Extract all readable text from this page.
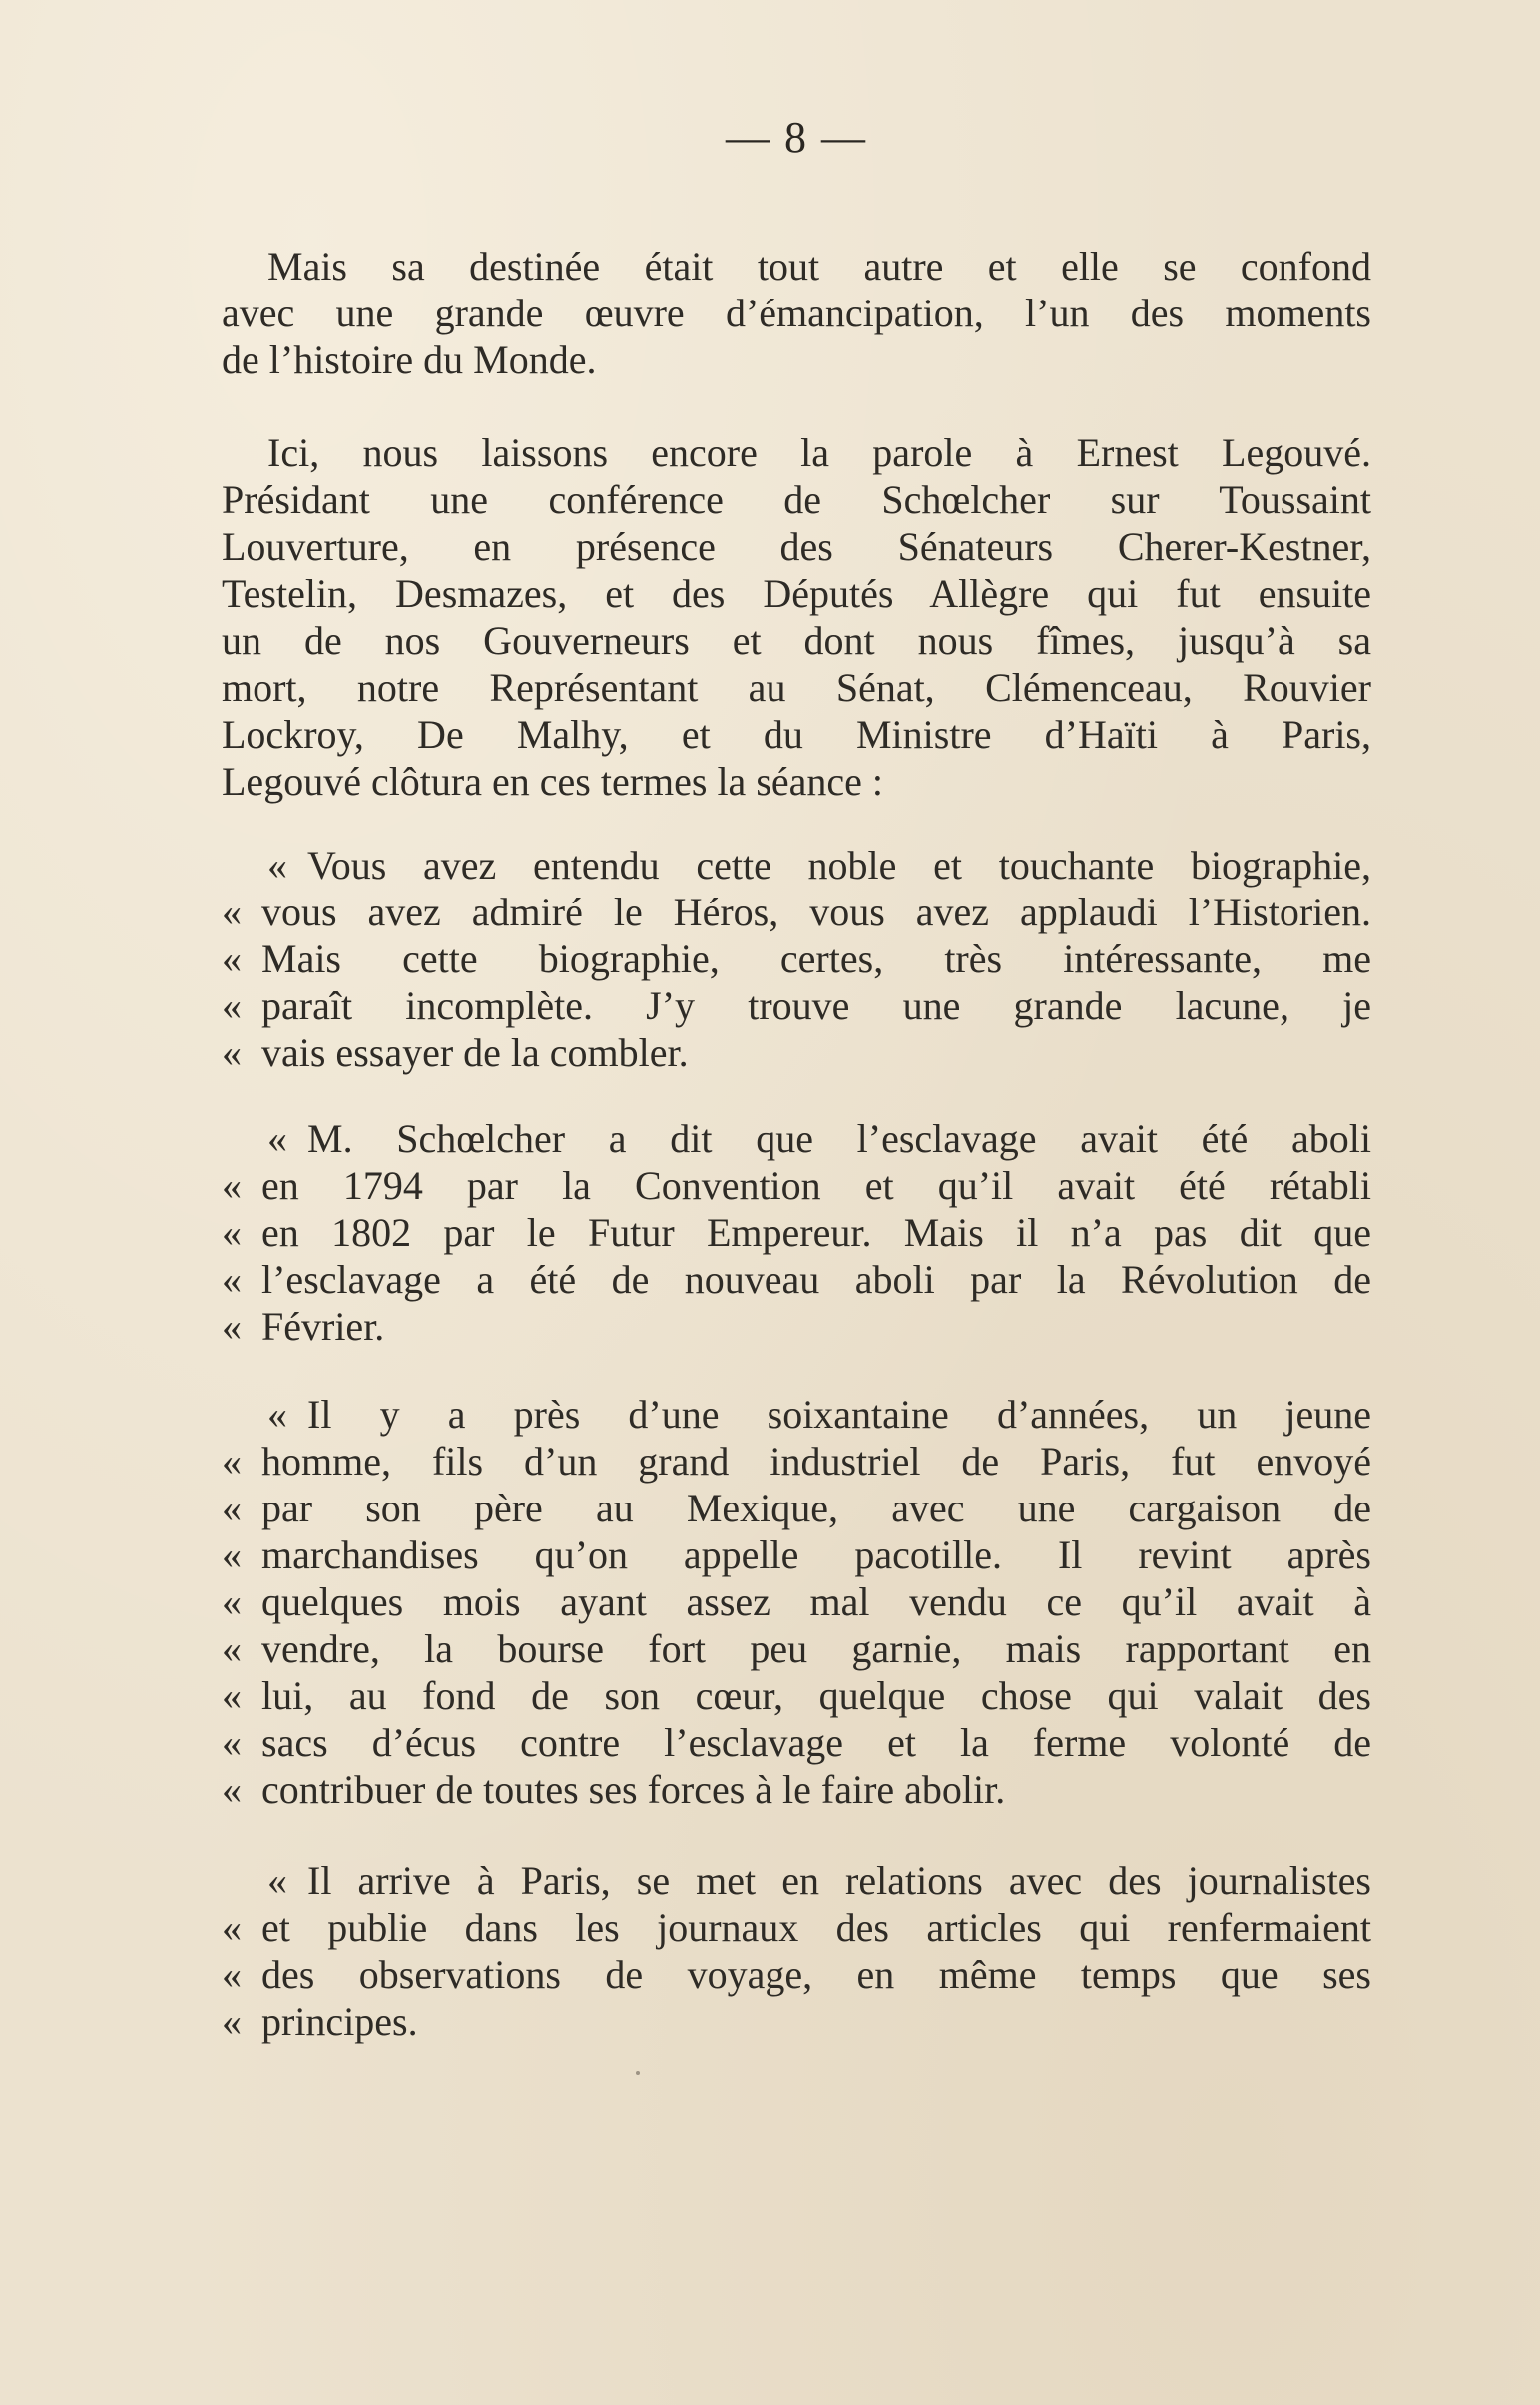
— 8 —
Mais sa destinée était tout autre et elle se confond
avec une grande œuvre d’émancipation, l’un des moments
de l’histoire du Monde.
Ici, nous laissons encore la parole à Ernest Legouvé.
Présidant une conférence de Schœlcher sur Toussaint
Louverture, en présence des Sénateurs Cherer-Kestner,
Testelin, Desmazes, et des Députés Allègre qui fut ensuite
un de nos Gouverneurs et dont nous fîmes, jusqu’à sa
mort, notre Représentant au Sénat, Clémenceau, Rouvier
Lockroy, De Malhy, et du Ministre d’Haïti à Paris,
Legouvé clôtura en ces termes la séance :
« Vous avez entendu cette noble et touchante biographie,
« vous avez admiré le Héros, vous avez applaudi l’Historien.
« Mais cette biographie, certes, très intéressante, me
« paraît incomplète. J’y trouve une grande lacune, je
« vais essayer de la combler.
« M. Schœlcher a dit que l’esclavage avait été aboli
« en 1794 par la Convention et qu’il avait été rétabli
« en 1802 par le Futur Empereur. Mais il n’a pas dit que
« l’esclavage a été de nouveau aboli par la Révolution de
« Février.
« Il y a près d’une soixantaine d’années, un jeune
« homme, fils d’un grand industriel de Paris, fut envoyé
« par son père au Mexique, avec une cargaison de
« marchandises qu’on appelle pacotille. Il revint après
« quelques mois ayant assez mal vendu ce qu’il avait à
« vendre, la bourse fort peu garnie, mais rapportant en
« lui, au fond de son cœur, quelque chose qui valait des
« sacs d’écus contre l’esclavage et la ferme volonté de
« contribuer de toutes ses forces à le faire abolir.
« Il arrive à Paris, se met en relations avec des journalistes
« et publie dans les journaux des articles qui renfermaient
« des observations de voyage, en même temps que ses
« principes.
